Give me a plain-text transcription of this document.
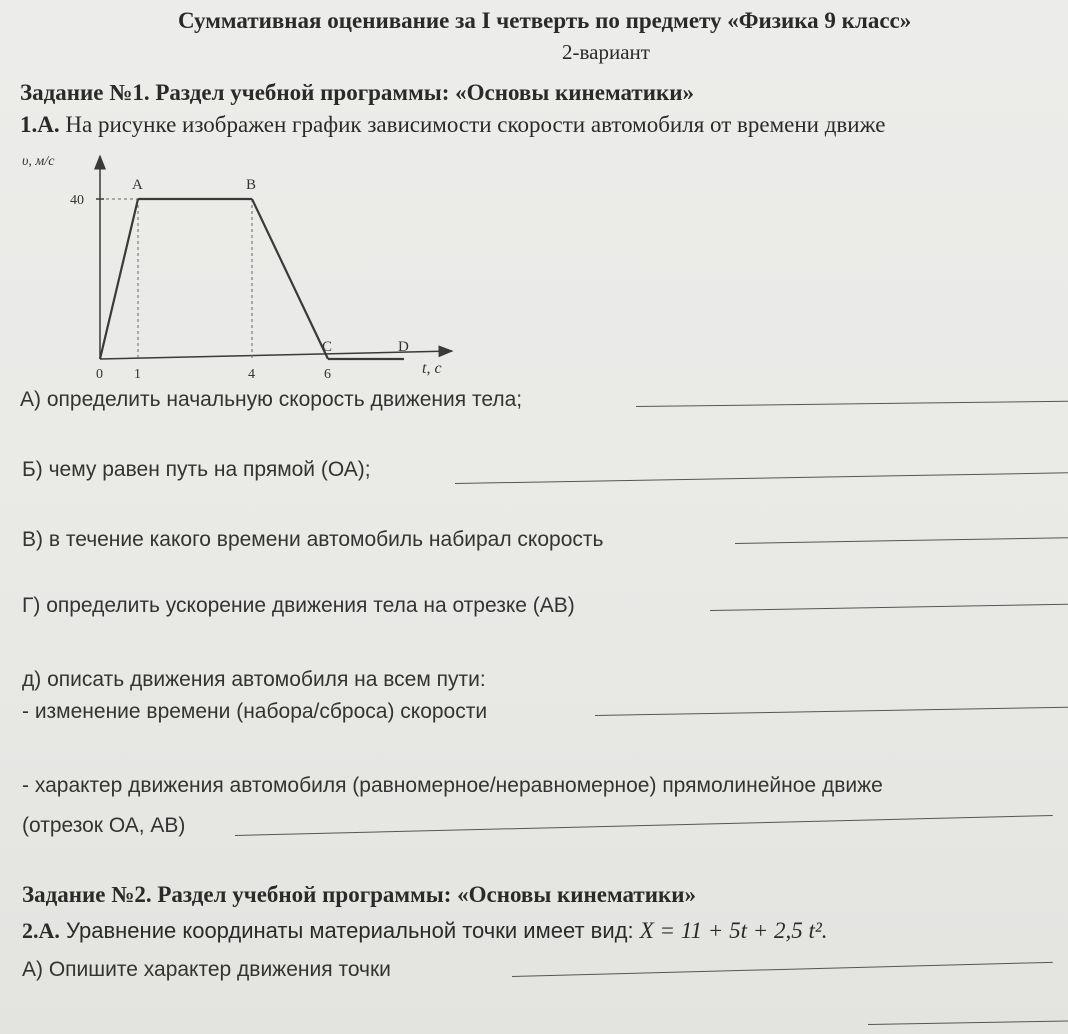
Суммативная оценивание за I четверть по предмету «Физика 9 класс»
2-вариант
Задание №1. Раздел учебной программы: «Основы кинематики»
1.А. На рисунке изображен график зависимости скорости автомобиля от времени движе
υ, м/с
t, с
A	B
C	D
0 1	4	6
40
А) определить начальную скорость движения тела;
Б) чему равен путь на прямой (ОА);
В) в течение какого времени автомобиль набирал скорость
Г) определить ускорение движения тела на отрезке (АВ)
д) описать движения автомобиля на всем пути:
- изменение времени (набора/сброса) скорости
- характер движения автомобиля (равномерное/неравномерное) прямолинейное движе
(отрезок ОА, АВ)
Задание №2. Раздел учебной программы: «Основы кинематики»
2.А. Уравнение координаты материальной точки имеет вид: X = 11 + 5t + 2,5 t².
А) Опишите характер движения точки
